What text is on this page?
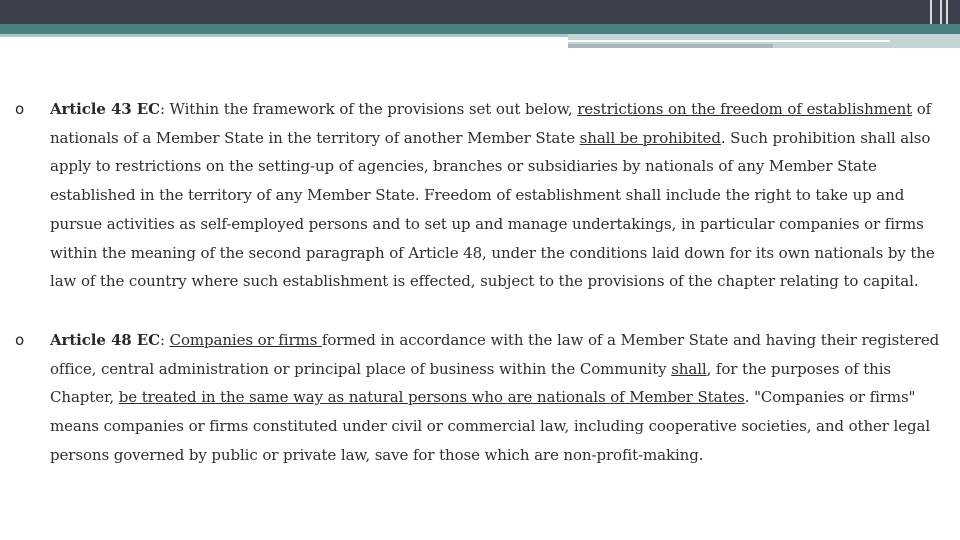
o Article 43 EC: Within the framework of the provisions set out below, restrictions on the freedom of establishment of nationals of a Member State in the territory of another Member State shall be prohibited. Such prohibition shall also apply to restrictions on the setting-up of agencies, branches or subsidiaries by nationals of any Member State established in the territory of any Member State. Freedom of establishment shall include the right to take up and pursue activities as self-employed persons and to set up and manage undertakings, in particular companies or firms within the meaning of the second paragraph of Article 48, under the conditions laid down for its own nationals by the law of the country where such establishment is effected, subject to the provisions of the chapter relating to capital.

o Article 48 EC: Companies or firms formed in accordance with the law of a Member State and having their registered office, central administration or principal place of business within the Community shall, for the purposes of this Chapter, be treated in the same way as natural persons who are nationals of Member States. "Companies or firms" means companies or firms constituted under civil or commercial law, including cooperative societies, and other legal persons governed by public or private law, save for those which are non-profit-making.
